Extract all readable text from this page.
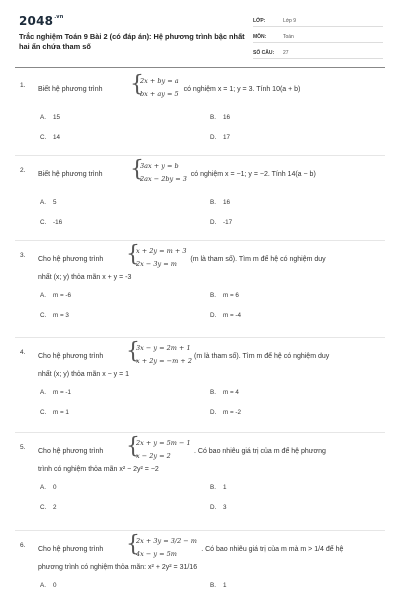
$2048^{.vn}$
Trắc nghiệm Toán 9 Bài 2 (có đáp án): Hệ phương trình bậc nhất hai ẩn chứa tham số
LỚP:	Lớp 9
MÔN:	Toán
SỐ CÂU:	27
1.
Biết hệ phương trình	{
2x + by = a
bx + ay = 5
có nghiệm x = 1; y = 3. Tính 10(a + b)
A. 15	B. 16
C. 14	D. 17
2.
Biết hệ phương trình	{
3ax + y = b
2ax − 2by = 3
có nghiệm x = −1; y = −2. Tính 14(a − b)
A. 5	B. 16
C. -16	D. -17
3.
Cho hệ phương trình	{
x + 2y = m + 3
2x − 3y = m
(m là tham số). Tìm m để hệ có nghiệm duy
nhất (x; y) thỏa mãn x + y = -3
A. m = -6	B. m = 6
C. m = 3	D. m = -4
4.
Cho hệ phương trình	{
3x − y = 2m + 1
x + 2y = −m + 2
(m là tham số). Tìm m để hệ có nghiệm duy
nhất (x; y) thỏa mãn x − y = 1
A. m = -1	B. m = 4
C. m = 1	D. m = -2
5.
Cho hệ phương trình	{
2x + y = 5m − 1
x − 2y = 2
. Có bao nhiêu giá trị của m để hệ phương
trình có nghiệm thỏa mãn x² − 2y² = −2
A. 0	B. 1
C. 2	D. 3
6.
Cho hệ phương trình	{
2x + 3y = 3/2 − m
4x − y = 5m
. Có bao nhiêu giá trị của m mà m > 1/4 để hệ
phương trình có nghiệm thỏa mãn: x² + 2y² = 31/16
A. 0	B. 1
